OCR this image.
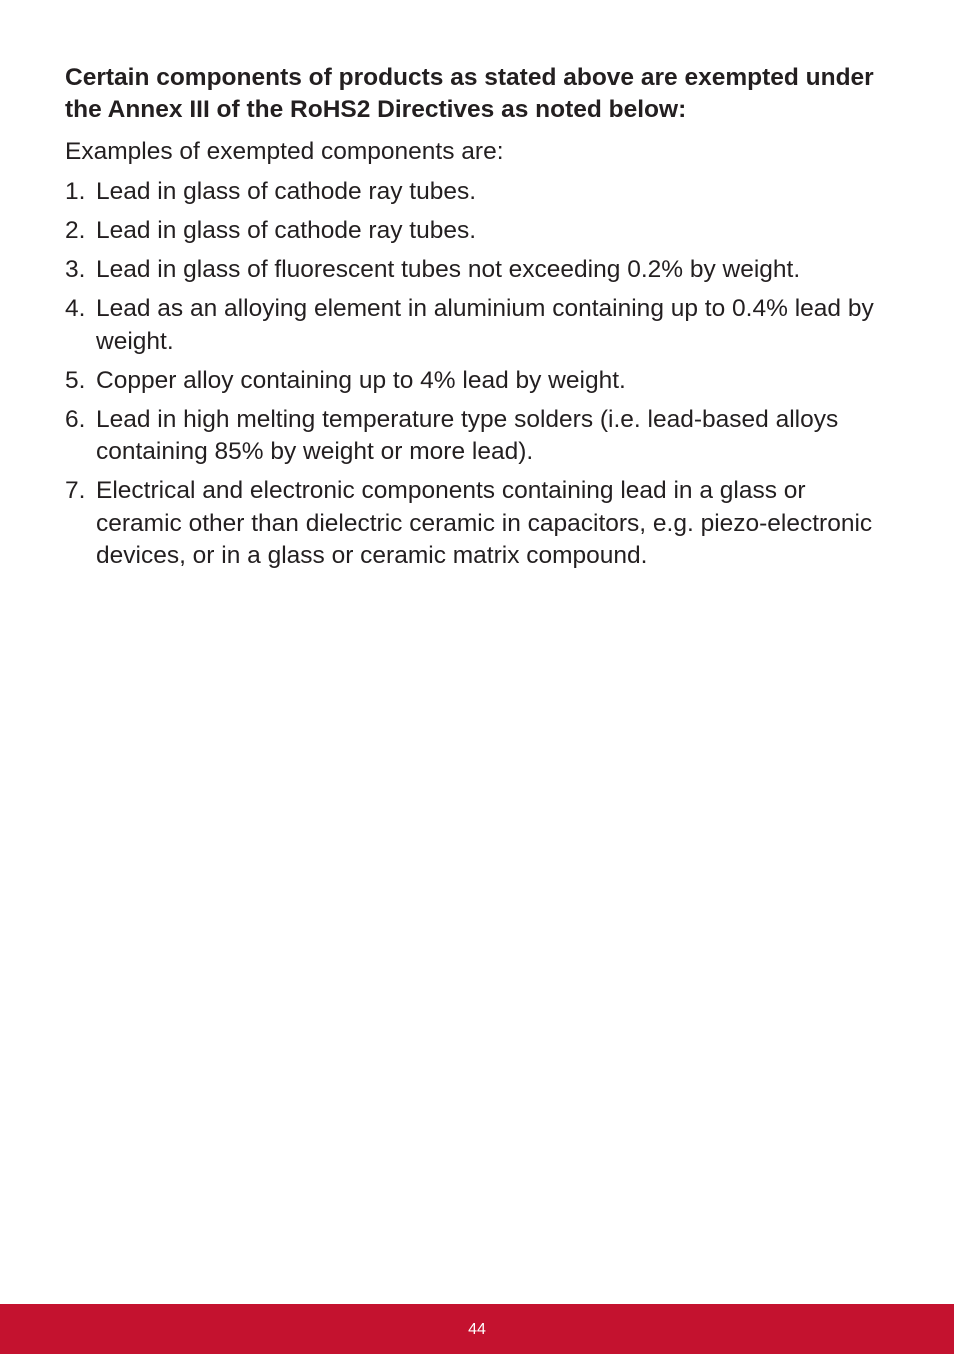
Certain components of products as stated above are exempted under the Annex III of the RoHS2 Directives as noted below:

Examples of exempted components are:

1. Lead in glass of cathode ray tubes.
2. Lead in glass of cathode ray tubes.
3. Lead in glass of fluorescent tubes not exceeding 0.2% by weight.
4. Lead as an alloying element in aluminium containing up to 0.4% lead by weight.
5. Copper alloy containing up to 4% lead by weight.
6. Lead in high melting temperature type solders (i.e. lead-based alloys containing 85% by weight or more lead).
7. Electrical and electronic components containing lead in a glass or ceramic other than dielectric ceramic in capacitors, e.g. piezo-electronic devices, or in a glass or ceramic matrix compound.
44
